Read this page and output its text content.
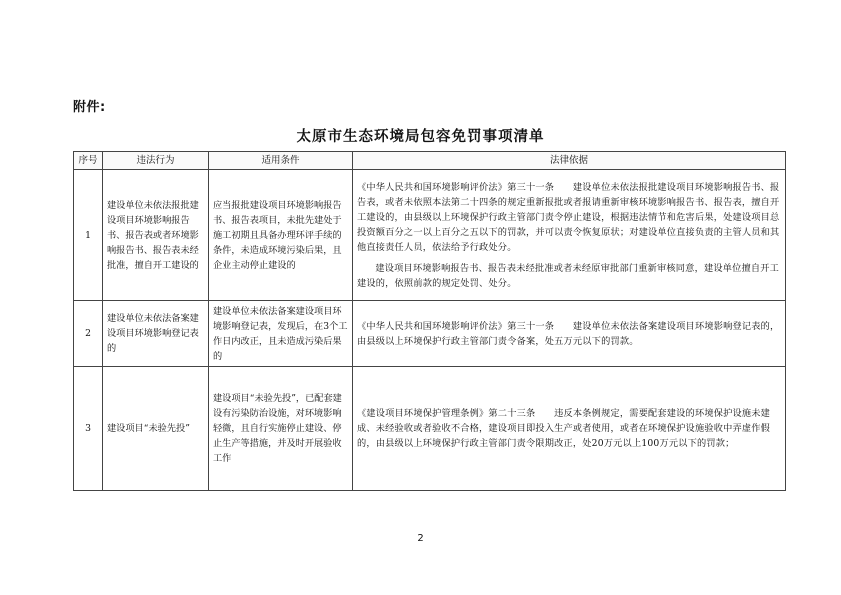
附件:
太原市生态环境局包容免罚事项清单
序号	违法行为	适用条件	法律依据
1	建设单位未依法报批建设项目环境影响报告书、报告表或者环境影响报告书、报告表未经批准，擅自开工建设的	应当报批建设项目环境影响报告书、报告表项目，未批先建处于施工初期且具备办理环评手续的条件，未造成环境污染后果，且企业主动停止建设的	《中华人民共和国环境影响评价法》第三十一条　　建设单位未依法报批建设项目环境影响报告书、报告表，或者未依照本法第二十四条的规定重新报批或者报请重新审核环境影响报告书、报告表，擅自开工建设的，由县级以上环境保护行政主管部门责令停止建设，根据违法情节和危害后果，处建设项目总投资额百分之一以上百分之五以下的罚款，并可以责令恢复原状；对建设单位直接负责的主管人员和其他直接责任人员，依法给予行政处分。

建设项目环境影响报告书、报告表未经批准或者未经原审批部门重新审核同意，建设单位擅自开工建设的，依照前款的规定处罚、处分。

2	建设单位未依法备案建设项目环境影响登记表的	建设单位未依法备案建设项目环境影响登记表，发现后，在3个工作日内改正，且未造成污染后果的	《中华人民共和国环境影响评价法》第三十一条　　建设单位未依法备案建设项目环境影响登记表的，由县级以上环境保护行政主管部门责令备案，处五万元以下的罚款。

3	建设项目“未验先投”	建设项目“未验先投”，已配套建设有污染防治设施，对环境影响轻微，且自行实施停止建设、停止生产等措施，并及时开展验收工作	《建设项目环境保护管理条例》第二十三条　　违反本条例规定，需要配套建设的环境保护设施未建成、未经验收或者验收不合格，建设项目即投入生产或者使用，或者在环境保护设施验收中弄虚作假的，由县级以上环境保护行政主管部门责令限期改正，处20万元以上100万元以下的罚款；

2
